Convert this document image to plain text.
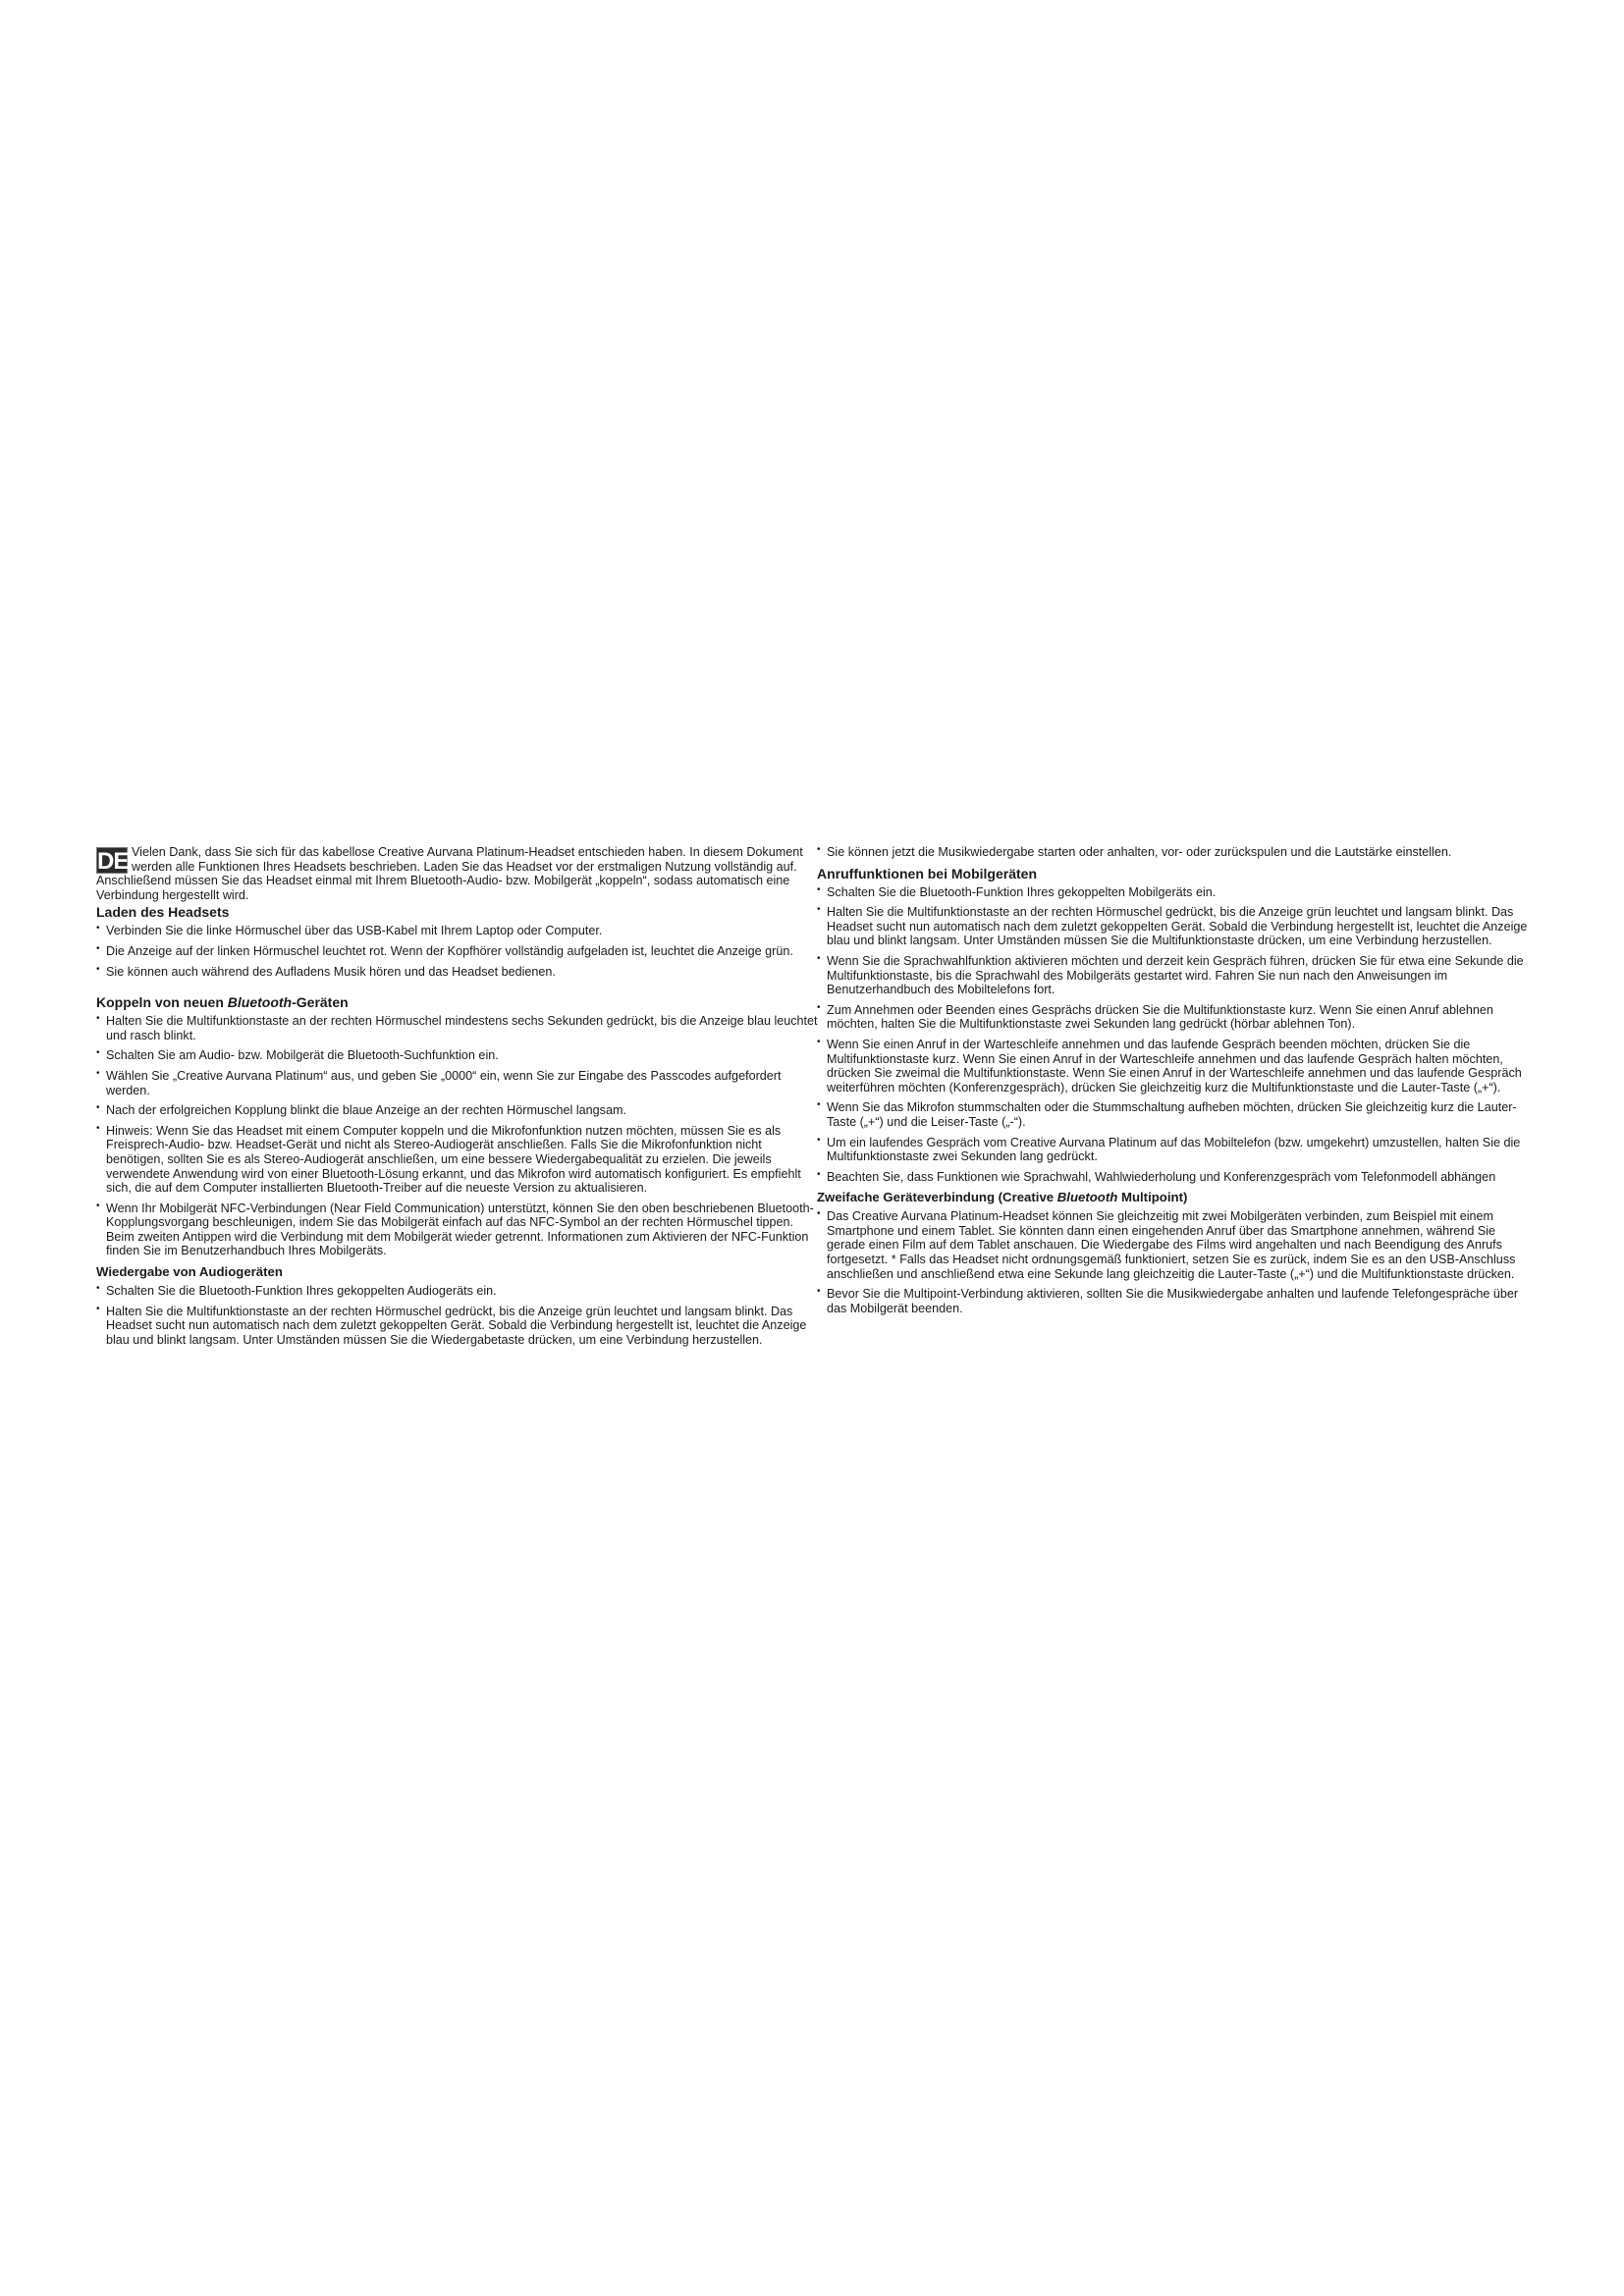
DE Vielen Dank, dass Sie sich für das kabellose Creative Aurvana Platinum-Headset entschieden haben. In diesem Dokument werden alle Funktionen Ihres Headsets beschrieben. Laden Sie das Headset vor der erstmaligen Nutzung vollständig auf. Anschließend müssen Sie das Headset einmal mit Ihrem Bluetooth-Audio- bzw. Mobilgerät „koppeln“, sodass automatisch eine Verbindung hergestellt wird.

Laden des Headsets
• Verbinden Sie die linke Hörmuschel über das USB-Kabel mit Ihrem Laptop oder Computer.
• Die Anzeige auf der linken Hörmuschel leuchtet rot. Wenn der Kopfhörer vollständig aufgeladen ist, leuchtet die Anzeige grün.
• Sie können auch während des Aufladens Musik hören und das Headset bedienen.
Koppeln von neuen Bluetooth-Geräten
• Halten Sie die Multifunktionstaste an der rechten Hörmuschel mindestens sechs Sekunden gedrückt, bis die Anzeige blau leuchtet und rasch blinkt.
• Schalten Sie am Audio- bzw. Mobilgerät die Bluetooth-Suchfunktion ein.
• Wählen Sie „Creative Aurvana Platinum“ aus, und geben Sie „0000“ ein, wenn Sie zur Eingabe des Passcodes aufgefordert werden.
• Nach der erfolgreichen Kopplung blinkt die blaue Anzeige an der rechten Hörmuschel langsam.
• Hinweis: Wenn Sie das Headset mit einem Computer koppeln und die Mikrofonfunktion nutzen möchten, müssen Sie es als Freisprech-Audio- bzw. Headset-Gerät und nicht als Stereo-Audiogerät anschließen. Falls Sie die Mikrofonfunktion nicht benötigen, sollten Sie es als Stereo-Audiogerät anschließen, um eine bessere Wiedergabequalität zu erzielen. Die jeweils verwendete Anwendung wird von einer Bluetooth-Lösung erkannt, und das Mikrofon wird automatisch konfiguriert. Es empfiehlt sich, die auf dem Computer installierten Bluetooth-Treiber auf die neueste Version zu aktualisieren.
• Wenn Ihr Mobilgerät NFC-Verbindungen (Near Field Communication) unterstützt, können Sie den oben beschriebenen Bluetooth-Kopplungsvorgang beschleunigen, indem Sie das Mobilgerät einfach auf das NFC-Symbol an der rechten Hörmuschel tippen. Beim zweiten Antippen wird die Verbindung mit dem Mobilgerät wieder getrennt. Informationen zum Aktivieren der NFC-Funktion finden Sie im Benutzerhandbuch Ihres Mobilgeräts.
Wiedergabe von Audiogeräten
• Schalten Sie die Bluetooth-Funktion Ihres gekoppelten Audiogeräts ein.
• Halten Sie die Multifunktionstaste an der rechten Hörmuschel gedrückt, bis die Anzeige grün leuchtet und langsam blinkt. Das Headset sucht nun automatisch nach dem zuletzt gekoppelten Gerät. Sobald die Verbindung hergestellt ist, leuchtet die Anzeige blau und blinkt langsam. Unter Umständen müssen Sie die Wiedergabetaste drücken, um eine Verbindung herzustellen.
• Sie können jetzt die Musikwiedergabe starten oder anhalten, vor- oder zurückspulen und die Lautstärke einstellen.
Anruffunktionen bei Mobilgeräten
• Schalten Sie die Bluetooth-Funktion Ihres gekoppelten Mobilgeräts ein.
• Halten Sie die Multifunktionstaste an der rechten Hörmuschel gedrückt, bis die Anzeige grün leuchtet und langsam blinkt. Das Headset sucht nun automatisch nach dem zuletzt gekoppelten Gerät. Sobald die Verbindung hergestellt ist, leuchtet die Anzeige blau und blinkt langsam. Unter Umständen müssen Sie die Multifunktionstaste drücken, um eine Verbindung herzustellen.
• Wenn Sie die Sprachwahlfunktion aktivieren möchten und derzeit kein Gespräch führen, drücken Sie für etwa eine Sekunde die Multifunktionstaste, bis die Sprachwahl des Mobilgeräts gestartet wird. Fahren Sie nun nach den Anweisungen im Benutzerhandbuch des Mobiltelefons fort.
• Zum Annehmen oder Beenden eines Gesprächs drücken Sie die Multifunktionstaste kurz. Wenn Sie einen Anruf ablehnen möchten, halten Sie die Multifunktionstaste zwei Sekunden lang gedrückt (hörbar ablehnen Ton).
• Wenn Sie einen Anruf in der Warteschleife annehmen und das laufende Gespräch beenden möchten, drücken Sie die Multifunktionstaste kurz. Wenn Sie einen Anruf in der Warteschleife annehmen und das laufende Gespräch halten möchten, drücken Sie zweimal die Multifunktionstaste. Wenn Sie einen Anruf in der Warteschleife annehmen und das laufende Gespräch weiterführen möchten (Konferenzgespräch), drücken Sie gleichzeitig kurz die Multifunktionstaste und die Lauter-Taste („+“).
• Wenn Sie das Mikrofon stummschalten oder die Stummschaltung aufheben möchten, drücken Sie gleichzeitig kurz die Lauter-Taste („+“) und die Leiser-Taste („-“).
• Um ein laufendes Gespräch vom Creative Aurvana Platinum auf das Mobiltelefon (bzw. umgekehrt) umzustellen, halten Sie die Multifunktionstaste zwei Sekunden lang gedrückt.
• Beachten Sie, dass Funktionen wie Sprachwahl, Wahlwiederholung und Konferenzgespräch vom Telefonmodell abhängen
Zweifache Geräteverbindung (Creative Bluetooth Multipoint)
• Das Creative Aurvana Platinum-Headset können Sie gleichzeitig mit zwei Mobilgeräten verbinden, zum Beispiel mit einem Smartphone und einem Tablet. Sie könnten dann einen eingehenden Anruf über das Smartphone annehmen, während Sie gerade einen Film auf dem Tablet anschauen. Die Wiedergabe des Films wird angehalten und nach Beendigung des Anrufs fortgesetzt. * Falls das Headset nicht ordnungsgemäß funktioniert, setzen Sie es zurück, indem Sie es an den USB-Anschluss anschließen und anschließend etwa eine Sekunde lang gleichzeitig die Lauter-Taste („+“) und die Multifunktionstaste drücken.
• Bevor Sie die Multipoint-Verbindung aktivieren, sollten Sie die Musikwiedergabe anhalten und laufende Telefongespräche über das Mobilgerät beenden.
